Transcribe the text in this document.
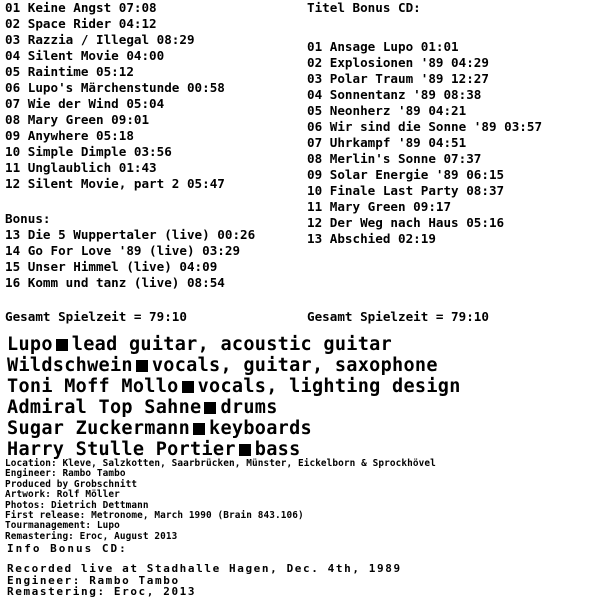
01 Keine Angst 07:08
02 Space Rider 04:12
03 Razzia / Illegal 08:29
04 Silent Movie 04:00
05 Raintime 05:12
06 Lupo's Märchenstunde 00:58
07 Wie der Wind 05:04
08 Mary Green 09:01
09 Anywhere 05:18
10 Simple Dimple 03:56
11 Unglaublich 01:43
12 Silent Movie, part 2 05:47
Bonus:
13 Die 5 Wuppertaler (live) 00:26
14 Go For Love '89 (live) 03:29
15 Unser Himmel (live) 04:09
16 Komm und tanz (live) 08:54
Gesamt Spielzeit = 79:10
Titel Bonus CD:
01 Ansage Lupo 01:01
02 Explosionen '89 04:29
03 Polar Traum '89 12:27
04 Sonnentanz '89 08:38
05 Neonherz '89 04:21
06 Wir sind die Sonne '89 03:57
07 Uhrkampf '89 04:51
08 Merlin's Sonne 07:37
09 Solar Energie '89 06:15
10 Finale Last Party 08:37
11 Mary Green 09:17
12 Der Weg nach Haus 05:16
13 Abschied 02:19
Gesamt Spielzeit = 79:10
Lupo lead guitar, acoustic guitar
Wildschwein vocals, guitar, saxophone
Toni Moff Mollo vocals, lighting design
Admiral Top Sahne drums
Sugar Zuckermann keyboards
Harry Stulle Portier bass
Location: Kleve, Salzkotten, Saarbrücken, Münster, Eickelborn & Sprockhövel
Engineer: Rambo Tambo
Produced by Grobschnitt
Artwork: Rolf Möller
Photos: Dietrich Dettmann
First release: Metronome, March 1990 (Brain 843.106)
Tourmanagement: Lupo
Remastering: Eroc, August 2013
Info Bonus CD:
Recorded live at Stadhalle Hagen, Dec. 4th, 1989
Engineer: Rambo Tambo
Remastering: Eroc, 2013
